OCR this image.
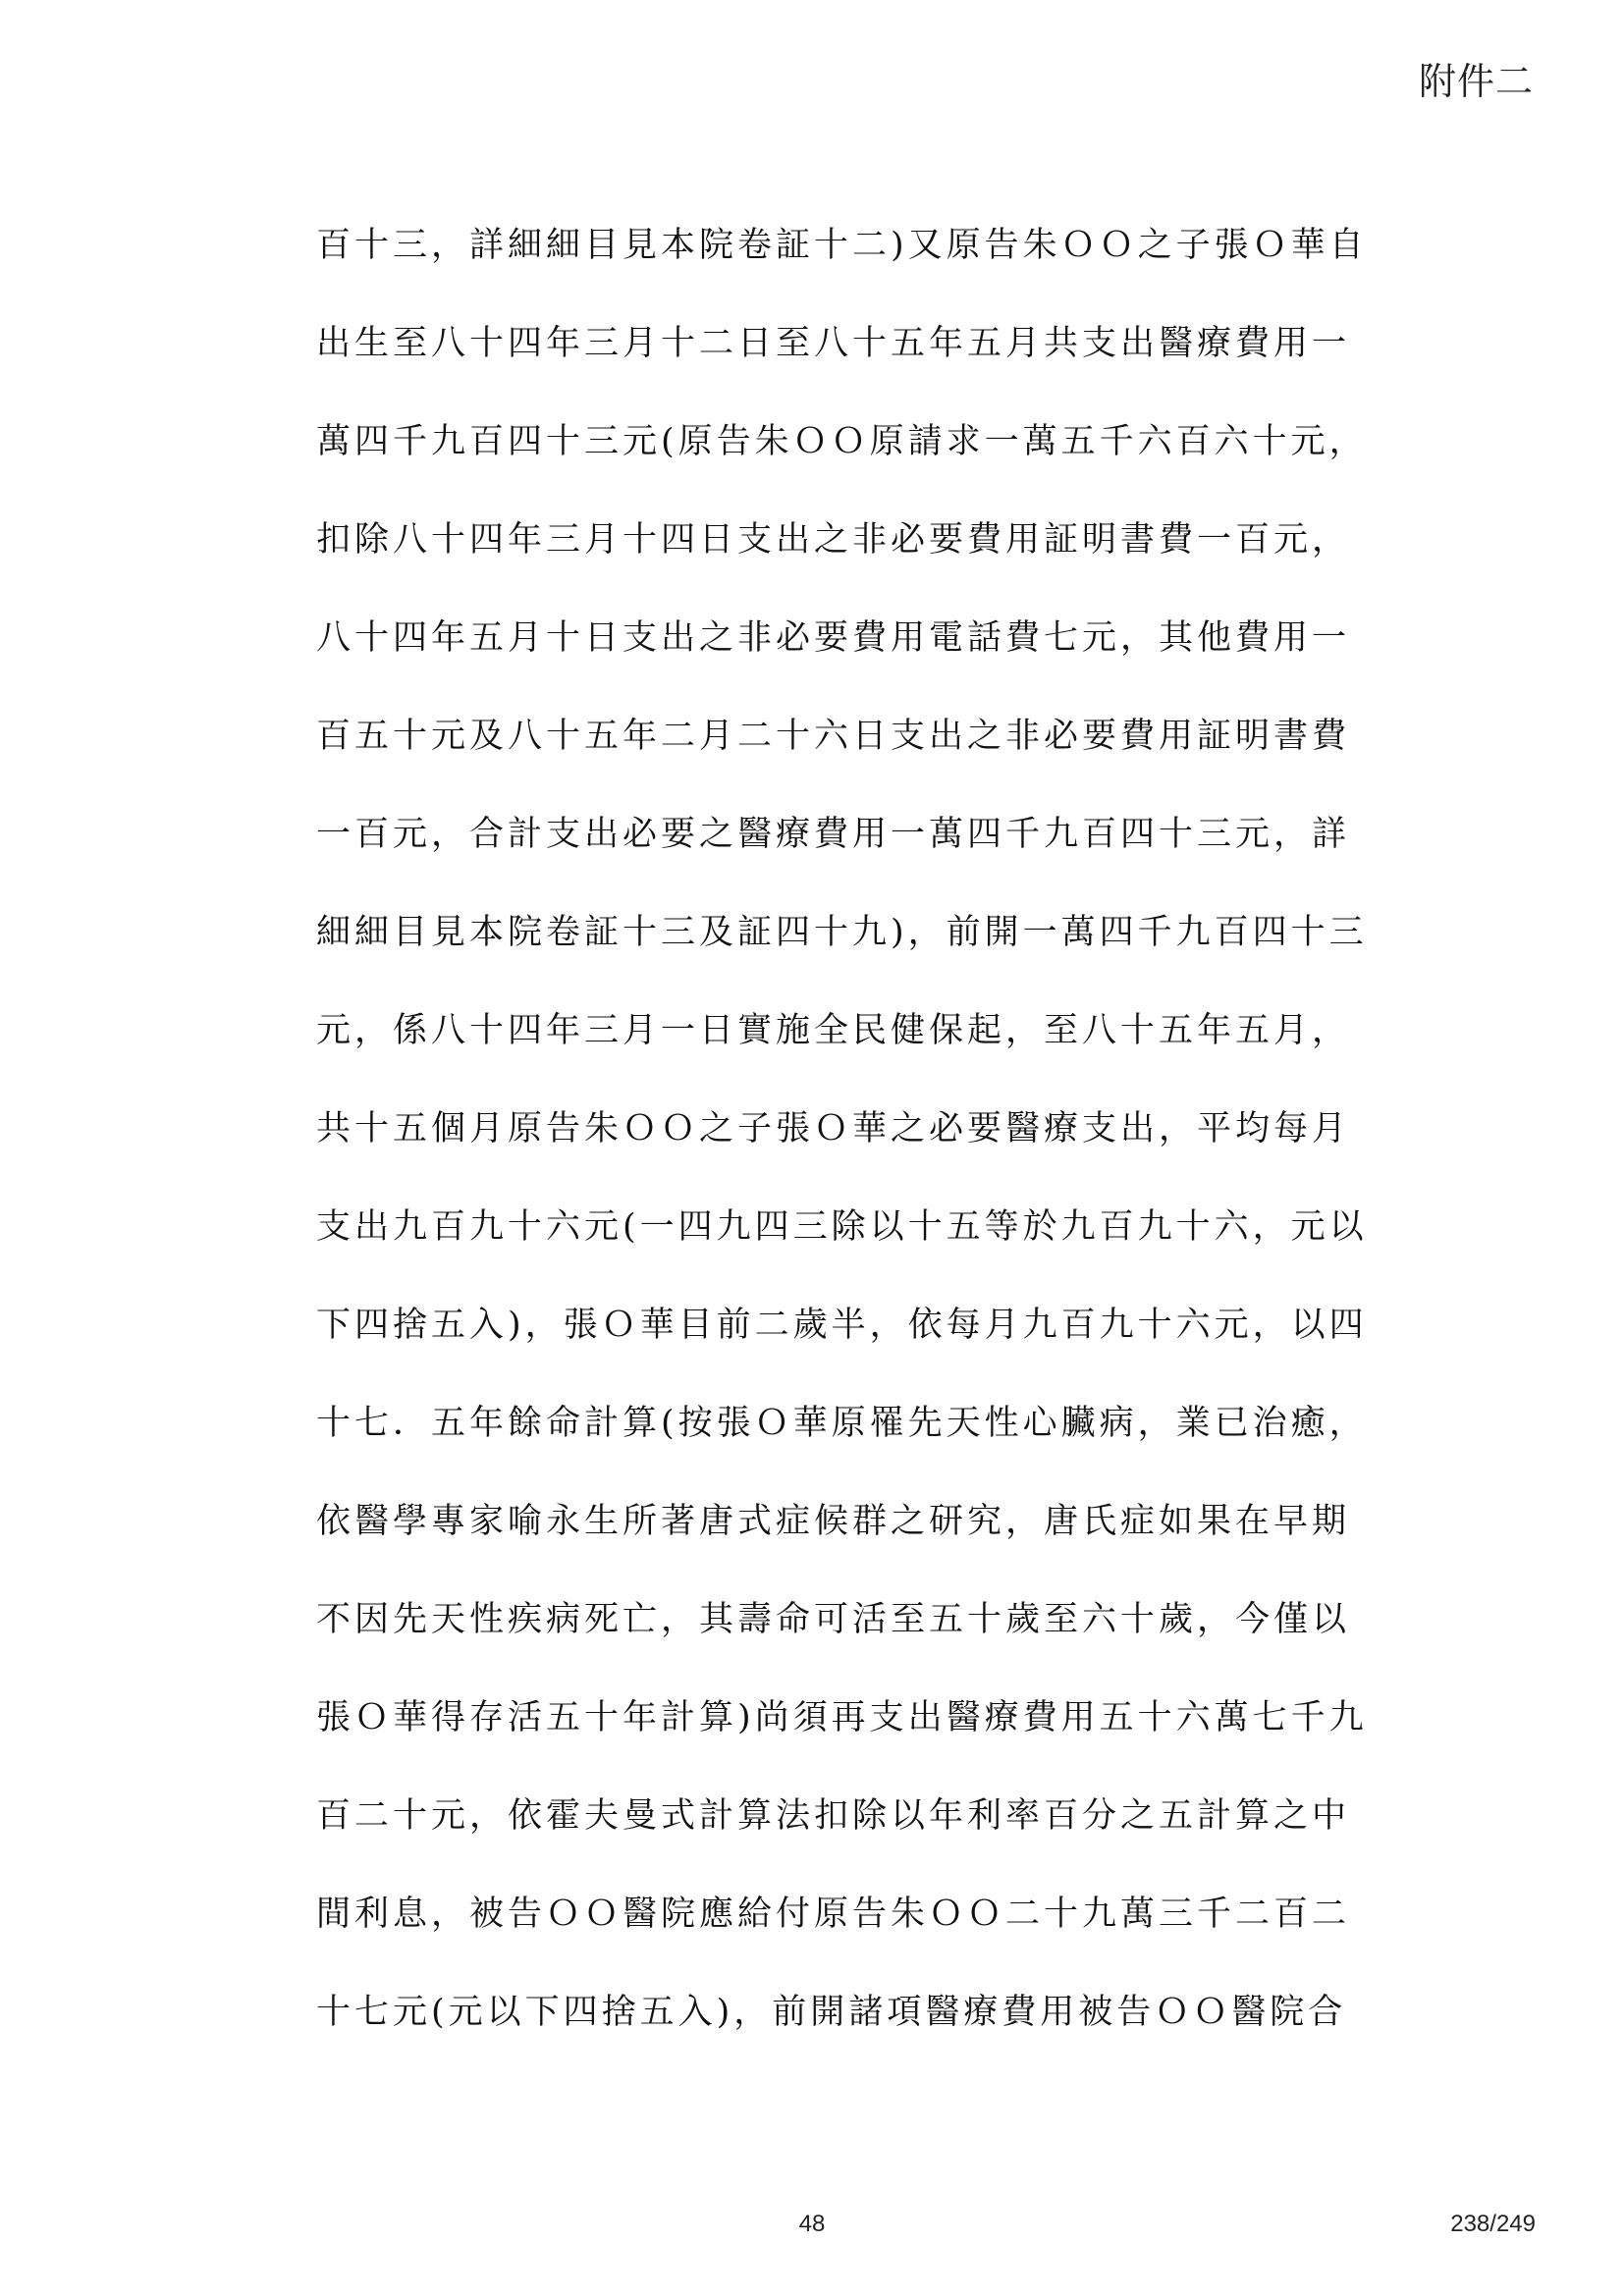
附件二
百十三，詳細細目見本院卷証十二)又原告朱ＯＯ之子張Ｏ華自
出生至八十四年三月十二日至八十五年五月共支出醫療費用一
萬四千九百四十三元(原告朱ＯＯ原請求一萬五千六百六十元，
扣除八十四年三月十四日支出之非必要費用証明書費一百元，
八十四年五月十日支出之非必要費用電話費七元，其他費用一
百五十元及八十五年二月二十六日支出之非必要費用証明書費
一百元，合計支出必要之醫療費用一萬四千九百四十三元，詳
細細目見本院卷証十三及証四十九)，前開一萬四千九百四十三
元，係八十四年三月一日實施全民健保起，至八十五年五月，
共十五個月原告朱ＯＯ之子張Ｏ華之必要醫療支出，平均每月
支出九百九十六元(一四九四三除以十五等於九百九十六，元以
下四捨五入)，張Ｏ華目前二歲半，依每月九百九十六元，以四
十七．五年餘命計算(按張Ｏ華原罹先天性心臟病，業已治癒，
依醫學專家喻永生所著唐式症候群之研究，唐氏症如果在早期
不因先天性疾病死亡，其壽命可活至五十歲至六十歲，今僅以
張Ｏ華得存活五十年計算)尚須再支出醫療費用五十六萬七千九
百二十元，依霍夫曼式計算法扣除以年利率百分之五計算之中
間利息，被告ＯＯ醫院應給付原告朱ＯＯ二十九萬三千二百二
十七元(元以下四捨五入)，前開諸項醫療費用被告ＯＯ醫院合
48	238/249
